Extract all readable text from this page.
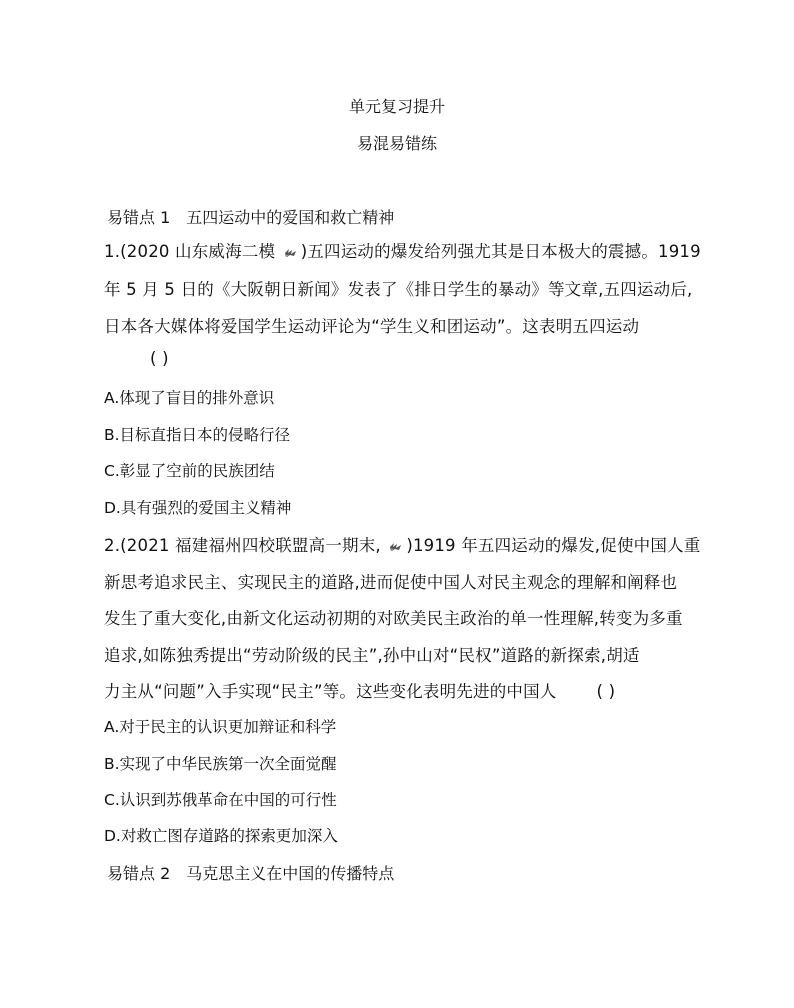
单元复习提升
易混易错练
易错点 1 五四运动中的爱国和救亡精神
1.(2020 山东威海二模 )五四运动的爆发给列强尤其是日本极大的震撼。1919
年 5 月 5 日的《大阪朝日新闻》发表了《排日学生的暴动》等文章,五四运动后,
日本各大媒体将爱国学生运动评论为“学生义和团运动”。这表明五四运动
( )
A.体现了盲目的排外意识
B.目标直指日本的侵略行径
C.彰显了空前的民族团结
D.具有强烈的爱国主义精神
2.(2021 福建福州四校联盟高一期末, )1919 年五四运动的爆发,促使中国人重
新思考追求民主、实现民主的道路,进而促使中国人对民主观念的理解和阐释也
发生了重大变化,由新文化运动初期的对欧美民主政治的单一性理解,转变为多重
追求,如陈独秀提出“劳动阶级的民主”,孙中山对“民权”道路的新探索,胡适
力主从“问题”入手实现“民主”等。这些变化表明先进的中国人 ( )
A.对于民主的认识更加辩证和科学
B.实现了中华民族第一次全面觉醒
C.认识到苏俄革命在中国的可行性
D.对救亡图存道路的探索更加深入
易错点 2 马克思主义在中国的传播特点
